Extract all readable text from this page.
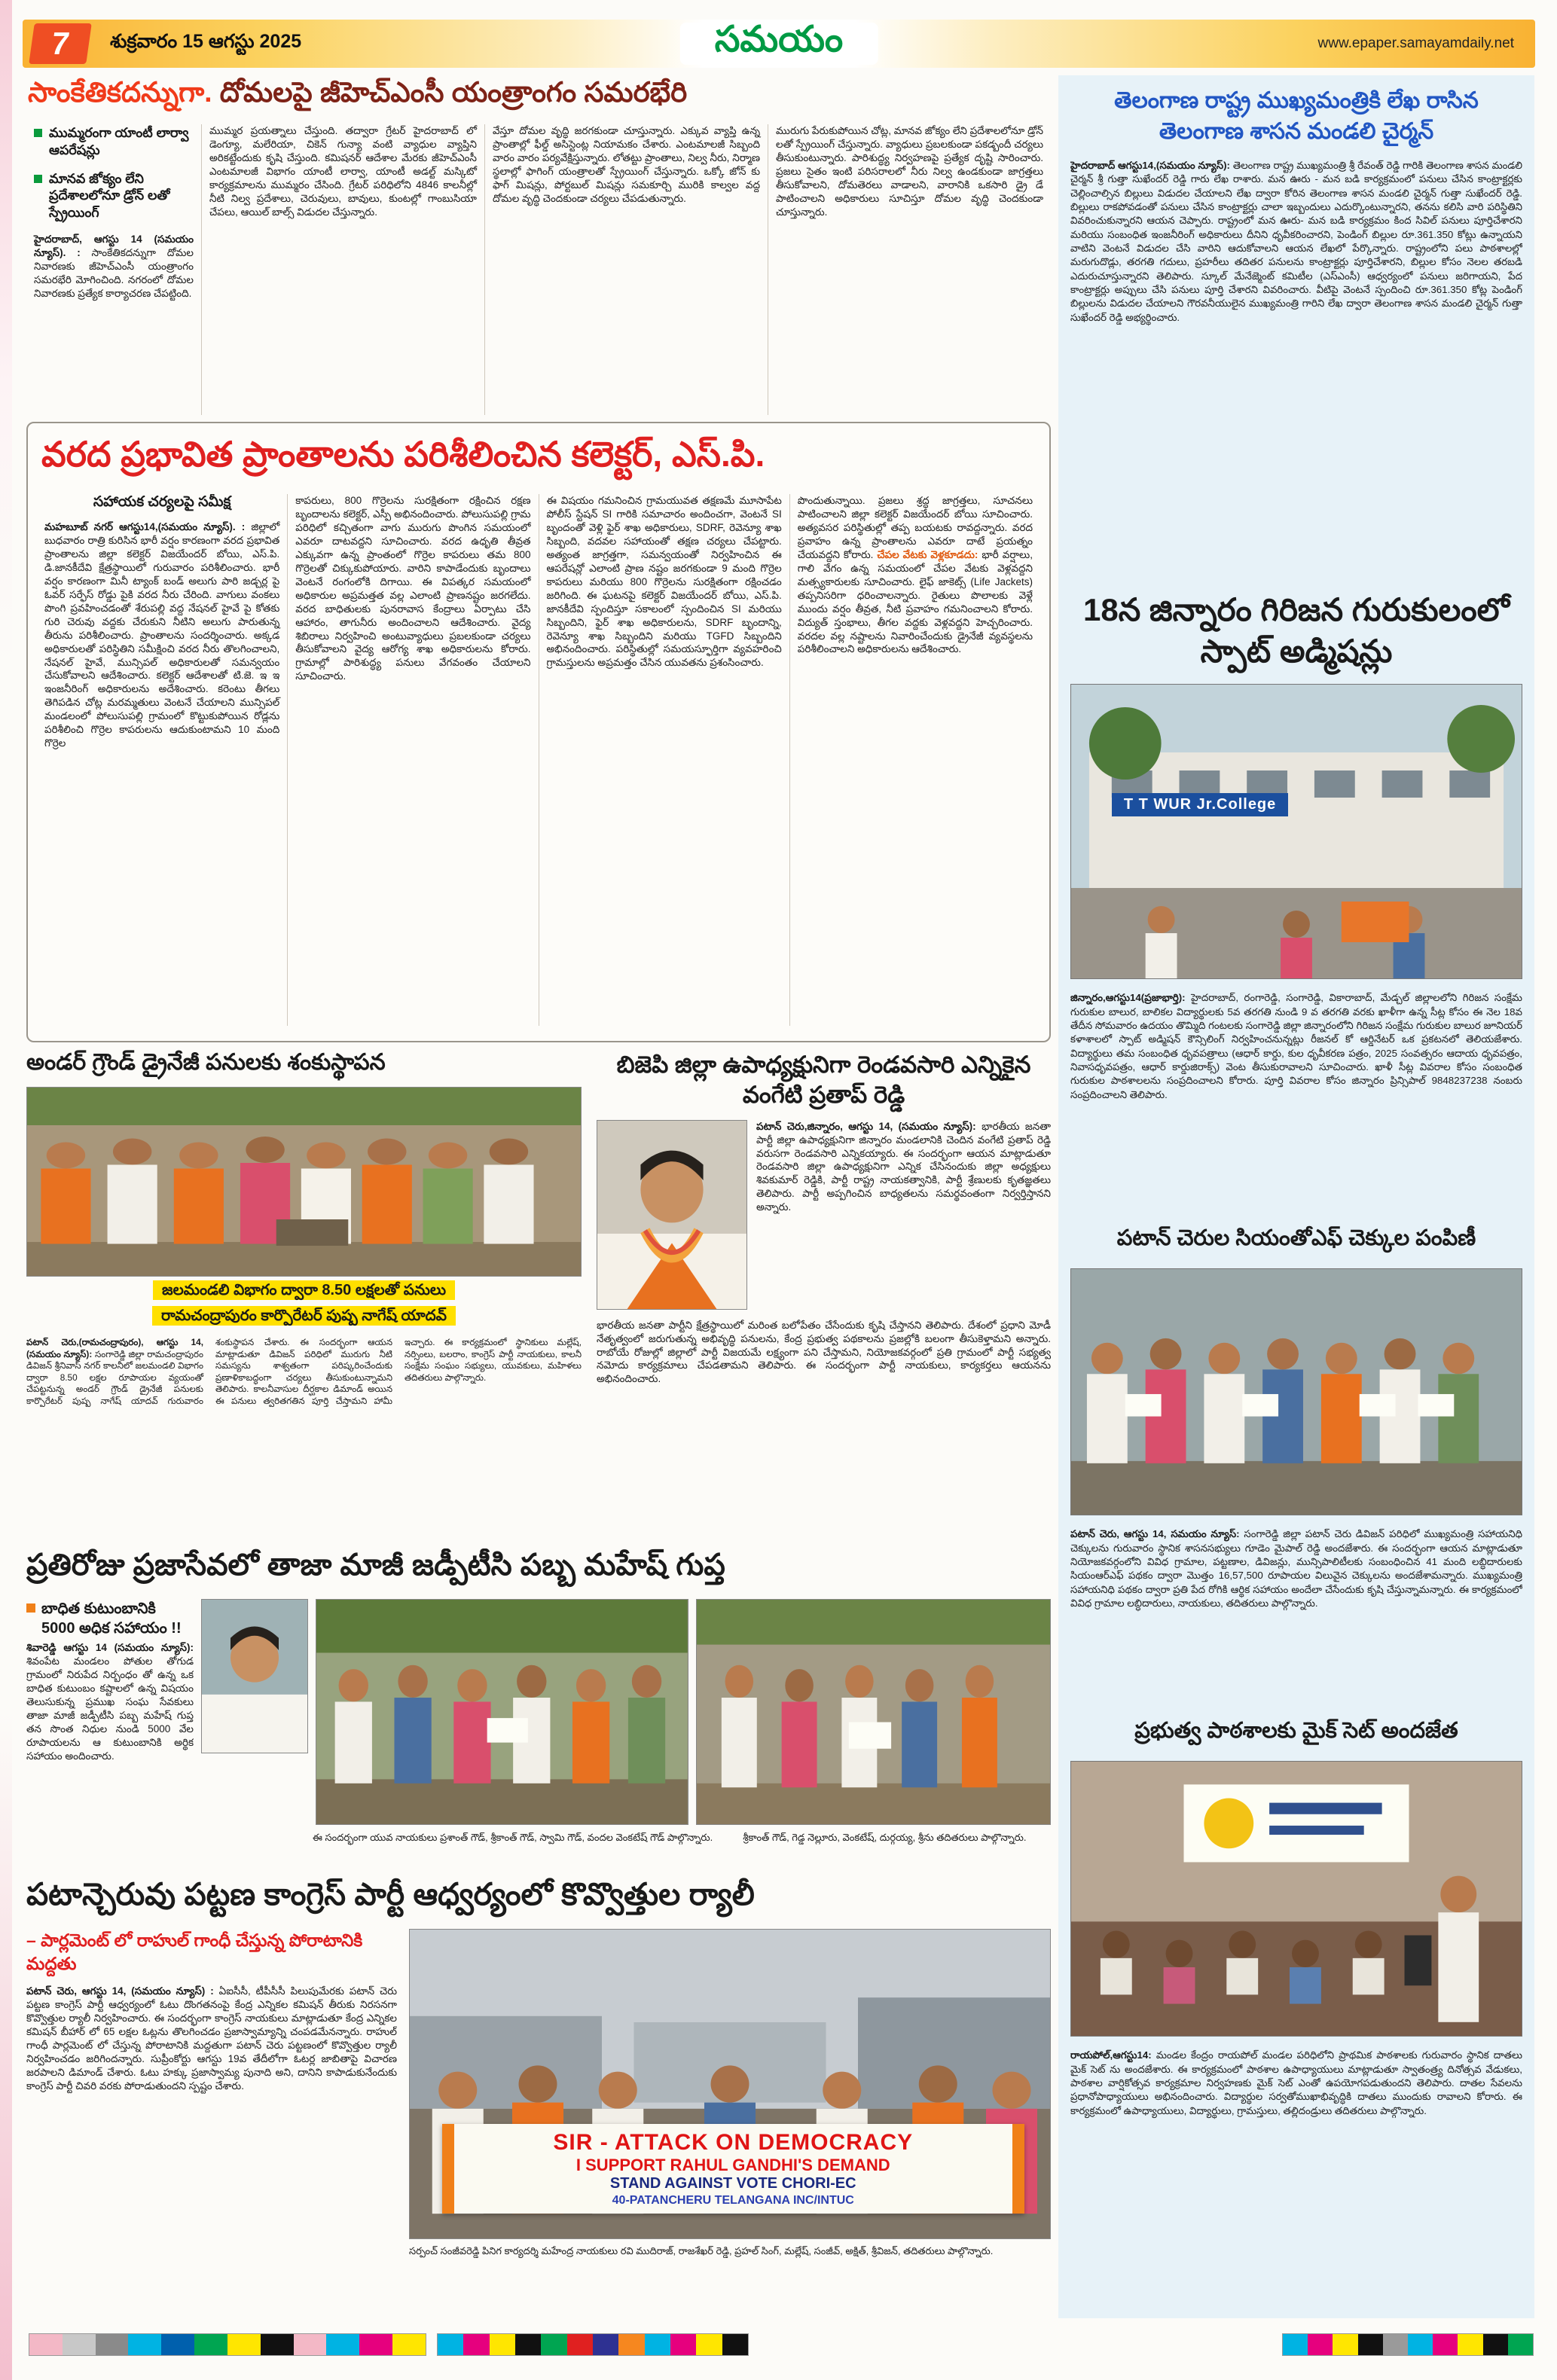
7	శుక్రవారం 15 ఆగస్టు 2025	సమయం	www.epaper.samayamdaily.net
సాంకేతికదన్నుగా. దోమలపై జీహెచ్ఎంసీ యంత్రాంగం సమరభేరి
ముమ్మరంగా యాంటీ లార్వా ఆపరేషన్లు
మానవ జోక్యం లేని ప్రదేశాలలోనూ డ్రోన్ లతో స్ప్రేయింగ్

హైదరాబాద్, ఆగస్టు 14 (సమయం న్యూస్). : సాంకేతికదన్నుగా దోమల నివారణకు జీహెచ్ఎంసీ యంత్రాంగం సమరభేరి మోగించింది. నగరంలో దోమల నివారణకు ప్రత్యేక కార్యాచరణ చేపట్టింది.

ముమ్మర ప్రయత్నాలు చేస్తుంది. తద్వారా గ్రేటర్ హైదరాబాద్ లో డెంగ్యూ, మలేరియా, చికెన్ గున్యా వంటి వ్యాధుల వ్యాప్తిని అరికట్టేందుకు కృషి చేస్తుంది. కమిషనర్ ఆదేశాల మేరకు జీహెచ్ఎంసీ ఎంటమాలజీ విభాగం యాంటీ లార్వా, యాంటీ అడల్ట్ మస్కిటో కార్యక్రమాలను ముమ్మరం చేసింది. గ్రేటర్ పరిధిలోని 4846 కాలనీల్లో నీటి నిల్వ ప్రదేశాలు, చెరువులు, బావులు, కుంటల్లో గాంబుసియా చేపలు, ఆయిల్ బాల్స్ విడుదల చేస్తున్నారు.

వేస్తూ దోమల వృద్ధి జరగకుండా చూస్తున్నారు. ఎక్కువ వ్యాప్తి ఉన్న ప్రాంతాల్లో ఫీల్డ్ అసిస్టెంట్ల నియామకం చేశారు. ఎంటమాలజీ సిబ్బంది వారం వారం పర్యవేక్షిస్తున్నారు. లోతట్టు ప్రాంతాలు, నిల్వ నీరు, నిర్మాణ స్థలాల్లో ఫాగింగ్ యంత్రాలతో స్ప్రేయింగ్ చేస్తున్నారు. ఒక్కో జోన్ కు ఫాగ్ మిషన్లు, పోర్టబుల్ మిషన్లు సమకూర్చి మురికి కాల్వల వద్ద దోమల వృద్ధి చెందకుండా చర్యలు చేపడుతున్నారు.

మురుగు పేరుకుపోయిన చోట్ల, మానవ జోక్యం లేని ప్రదేశాలలోనూ డ్రోన్ లతో స్ప్రేయింగ్ చేస్తున్నారు. వ్యాధులు ప్రబలకుండా పకడ్బందీ చర్యలు తీసుకుంటున్నారు. పారిశుద్ధ్య నిర్వహణపై ప్రత్యేక దృష్టి సారించారు. ప్రజలు సైతం ఇంటి పరిసరాలలో నీరు నిల్వ ఉండకుండా జాగ్రత్తలు తీసుకోవాలని, దోమతెరలు వాడాలని, వారానికి ఒకసారి డ్రై డే పాటించాలని అధికారులు సూచిస్తూ దోమల వృద్ధి చెందకుండా చూస్తున్నారు.

వరద ప్రభావిత ప్రాంతాలను పరిశీలించిన కలెక్టర్, ఎస్.పి.
సహాయక చర్యలపై సమీక్ష

మహబూబ్ నగర్ ఆగస్టు14,(సమయం న్యూస్). : జిల్లాలో బుధవారం రాత్రి కురిసిన భారీ వర్షం కారణంగా వరద ప్రభావిత ప్రాంతాలను జిల్లా కలెక్టర్ విజయేందర్ బోయి, ఎస్.పి. డి.జానకీదేవి క్షేత్రస్థాయిలో గురువారం పరిశీలించారు. భారీ వర్షం కారణంగా మినీ ట్యాంక్ బండ్ అలుగు పారి జడ్చర్ల పై ఓవర్ సర్ఫేస్ రోడ్డు పైకి వరద నీరు చేరింది. వాగులు వంకలు పొంగి ప్రవహించడంతో శేరుపల్లి వద్ద నేషనల్ హైవే పై కోతకు గురి చెరువు వద్దకు చేరుకుని నీటిని అలుగు పారుతున్న తీరును పరిశీలించారు. ప్రాంతాలను సందర్శించారు. అక్కడ అధికారులతో పరిస్థితిని సమీక్షించి వరద నీరు తొలగించాలని, నేషనల్ హైవే, మున్సిపల్ అధికారులతో సమన్వయం చేసుకోవాలని ఆదేశించారు. కలెక్టర్ ఆదేశాలతో టి.జె. ఇ ఇ ఇంజనీరింగ్ అధికారులను అదేశించారు. కరెంటు తీగలు తెగిపడిన చోట్ల మరమ్మతులు వెంటనే చేయాలని మున్సిపల్ మండలంలో పోలుసుపల్లి గ్రామంలో కొట్టుకుపోయిన రోడ్లను పరిశీలించి గొర్రెల కాపరులను ఆదుకుంటామని 10 మంది గొర్రెల

కాపరులు, 800 గొర్రెలను సురక్షితంగా రక్షించిన రక్షణ బృందాలను కలెక్టర్, ఎస్పీ అభినందించారు. పోలుసుపల్లి గ్రామ పరిధిలో కచ్చితంగా వాగు మురుగు పొంగిన సమయంలో ఎవరూ దాటవద్దని సూచించారు. వరద ఉధృతి తీవ్రత ఎక్కువగా ఉన్న ప్రాంతంలో గొర్రెల కాపరులు తమ 800 గొర్రెలతో చిక్కుకుపోయారు. వారిని కాపాడేందుకు బృందాలు వెంటనే రంగంలోకి దిగాయి. ఈ విపత్కర సమయంలో అధికారుల అప్రమత్తత వల్ల ఎలాంటి ప్రాణనష్టం జరగలేదు. వరద బాధితులకు పునరావాస కేంద్రాలు ఏర్పాటు చేసి ఆహారం, తాగునీరు అందించాలని ఆదేశించారు. వైద్య శిబిరాలు నిర్వహించి అంటువ్యాధులు ప్రబలకుండా చర్యలు తీసుకోవాలని వైద్య ఆరోగ్య శాఖ అధికారులను కోరారు. గ్రామాల్లో పారిశుద్ధ్య పనులు వేగవంతం చేయాలని సూచించారు.

ఈ విషయం గమనించిన గ్రామయువత తక్షణమే మూసాపేట పోలీస్ స్టేషన్ SI గారికి సమాచారం అందించగా, వెంటనే SI బృందంతో వెళ్లి ఫైర్ శాఖ అధికారులు, SDRF, రెవెన్యూ శాఖ సిబ్బంది, వదవల సహాయంతో తక్షణ చర్యలు చేపట్టారు. అత్యంత జాగ్రత్తగా, సమన్వయంతో నిర్వహించిన ఈ ఆపరేషన్లో ఎలాంటి ప్రాణ నష్టం జరగకుండా 9 మంది గొర్రెల కాపరులు మరియు 800 గొర్రెలను సురక్షితంగా రక్షించడం జరిగింది. ఈ ఘటనపై కలెక్టర్ విజయేందర్ బోయి, ఎస్.పి. జానకీదేవి స్పందిస్తూ సకాలంలో స్పందించిన SI మరియు సిబ్బందిని, ఫైర్ శాఖ అధికారులను, SDRF బృందాన్ని, రెవెన్యూ శాఖ సిబ్బందిని మరియు TGFD సిబ్బందిని అభినందించారు. పరిస్థితుల్లో సమయస్ఫూర్తిగా వ్యవహరించి గ్రామస్తులను అప్రమత్తం చేసిన యువతను ప్రశంసించారు.

పొందుతున్నాయి. ప్రజలు శ్రద్ధ జాగ్రత్తలు, సూచనలు పాటించాలని జిల్లా కలెక్టర్ విజయేందర్ బోయి సూచించారు. అత్యవసర పరిస్థితుల్లో తప్ప బయటకు రావద్దన్నారు. వరద ప్రవాహం ఉన్న ప్రాంతాలను ఎవరూ దాటే ప్రయత్నం చేయవద్దని కోరారు. చేపల వేటకు వెళ్లకూడదు: భారీ వర్షాలు, గాలి వేగం ఉన్న సమయంలో చేపల వేటకు వెళ్లవద్దని మత్స్యకారులకు సూచించారు. లైఫ్ జాకెట్స్ (Life Jackets) తప్పనిసరిగా ధరించాలన్నారు. రైతులు పొలాలకు వెళ్లే ముందు వర్షం తీవ్రత, నీటి ప్రవాహం గమనించాలని కోరారు. విద్యుత్ స్తంభాలు, తీగల వద్దకు వెళ్లవద్దని హెచ్చరించారు. వరదల వల్ల నష్టాలను నివారించేందుకు డ్రైనేజీ వ్యవస్థలను పరిశీలించాలని అధికారులను ఆదేశించారు.

అండర్ గ్రౌండ్ డ్రైనేజీ పనులకు శంకుస్థాపన
జలమండలి విభాగం ద్వారా 8.50 లక్షలతో పనులు
రామచంద్రాపురం కార్పొరేటర్ పుష్ప నాగేష్ యాదవ్
పటాన్ చెరు,(రామచంద్రాపురం), ఆగస్టు 14,(సమయం న్యూస్): సంగారెడ్డి జిల్లా రామచంద్రాపురం డివిజన్ శ్రీనివాస్ నగర్ కాలనీలో జలమండలి విభాగం ద్వారా 8.50 లక్షల రూపాయల వ్యయంతో చేపట్టనున్న అండర్ గ్రౌండ్ డ్రైనేజీ పనులకు కార్పొరేటర్ పుష్ప నాగేష్ యాదవ్ గురువారం శంకుస్థాపన చేశారు. ఈ సందర్భంగా ఆయన మాట్లాడుతూ డివిజన్ పరిధిలో మురుగు నీటి సమస్యను శాశ్వతంగా పరిష్కరించేందుకు ప్రణాళికాబద్ధంగా చర్యలు తీసుకుంటున్నామని తెలిపారు. కాలనీవాసుల దీర్ఘకాల డిమాండ్ అయిన ఈ పనులు త్వరితగతిన పూర్తి చేస్తామని హామీ ఇచ్చారు. ఈ కార్యక్రమంలో స్థానికులు మల్లేష్, నర్సింలు, బలరాం, కాంగ్రెస్ పార్టీ నాయకులు, కాలనీ సంక్షేమ సంఘం సభ్యులు, యువకులు, మహిళలు తదితరులు పాల్గొన్నారు.
బిజెపి జిల్లా ఉపాధ్యక్షునిగా రెండవసారి ఎన్నికైన వంగేటి ప్రతాప్ రెడ్డి

పటాన్ చెరు,జిన్నారం, ఆగస్టు 14, (సమయం న్యూస్): భారతీయ జనతా పార్టీ జిల్లా ఉపాధ్యక్షునిగా జిన్నారం మండలానికి చెందిన వంగేటి ప్రతాప్ రెడ్డి వరుసగా రెండవసారి ఎన్నికయ్యారు. ఈ సందర్భంగా ఆయన మాట్లాడుతూ రెండవసారి జిల్లా ఉపాధ్యక్షునిగా ఎన్నిక చేసినందుకు జిల్లా అధ్యక్షులు శివకుమార్ రెడ్డికి, పార్టీ రాష్ట్ర నాయకత్వానికి, పార్టీ శ్రేణులకు కృతజ్ఞతలు తెలిపారు. పార్టీ అప్పగించిన బాధ్యతలను సమర్థవంతంగా నిర్వర్తిస్తానని అన్నారు.

భారతీయ జనతా పార్టీని క్షేత్రస్థాయిలో మరింత బలోపేతం చేసేందుకు కృషి చేస్తానని తెలిపారు. దేశంలో ప్రధాని మోడీ నేతృత్వంలో జరుగుతున్న అభివృద్ధి పనులను, కేంద్ర ప్రభుత్వ పథకాలను ప్రజల్లోకి బలంగా తీసుకెళ్తామని అన్నారు. రాబోయే రోజుల్లో జిల్లాలో పార్టీ విజయమే లక్ష్యంగా పని చేస్తామని, నియోజకవర్గంలో ప్రతి గ్రామంలో పార్టీ సభ్యత్వ నమోదు కార్యక్రమాలు చేపడతామని తెలిపారు. ఈ సందర్భంగా పార్టీ నాయకులు, కార్యకర్తలు ఆయనను అభినందించారు.

ప్రతిరోజు ప్రజాసేవలో తాజా మాజీ జడ్పీటీసి పబ్బ మహేష్ గుప్త
బాధిత కుటుంబానికి
5000 అధిక సహాయం !!

శివారెడ్డి ఆగస్టు 14 (సమయం న్యూస్): శివంపేట మండలం పోతుల తోగుడ గ్రామంలో నిరుపేద నిర్బంధం తో ఉన్న ఒక బాధిత కుటుంబం కష్టాలలో ఉన్న విషయం తెలుసుకున్న ప్రముఖ సంఘ సేవకులు తాజా మాజీ జడ్పీటీసి పబ్బ మహేష్ గుప్త తన సొంత నిధుల నుండి 5000 వేల రూపాయలను ఆ కుటుంబానికి అర్థిక సహాయం అందించారు.

ఈ సందర్భంగా యువ నాయకులు ప్రశాంత్ గౌడ్, శ్రీకాంత్ గౌడ్, స్వామి గౌడ్, వందల వెంకటేష్ గౌడ్ పాల్గొన్నారు.	శ్రీకాంత్ గౌడ్, గెడ్డ నెల్లూరు, వెంకటేష్, దుర్గయ్య, శ్రీను తదితరులు పాల్గొన్నారు.
పటాన్చెరువు పట్టణ కాంగ్రెస్ పార్టీ ఆధ్వర్యంలో కొవ్వొత్తుల ర్యాలీ
– పార్లమెంట్ లో రాహుల్ గాంధీ చేస్తున్న పోరాటానికి మద్దతు

పటాన్ చెరు, ఆగస్టు 14, (సమయం న్యూస్) : ఏఐసీసీ, టీపీసీసీ పిలుపుమేరకు పటాన్ చెరు పట్టణ కాంగ్రెస్ పార్టీ ఆధ్వర్యంలో ఓటు దొంగతనంపై కేంద్ర ఎన్నికల కమిషన్ తీరుకు నిరసనగా కొవ్వొత్తుల ర్యాలీ నిర్వహించారు. ఈ సందర్భంగా కాంగ్రెస్ నాయకులు మాట్లాడుతూ కేంద్ర ఎన్నికల కమిషన్ బీహార్ లో 65 లక్షల ఓట్లను తొలగించడం ప్రజాస్వామ్యాన్ని చంపడమేనన్నారు. రాహుల్ గాంధీ పార్లమెంట్ లో చేస్తున్న పోరాటానికి మద్దతుగా పటాన్ చెరు పట్టణంలో కొవ్వొత్తుల ర్యాలీ నిర్వహించడం జరిగిందన్నారు. సుప్రీంకోర్టు ఆగస్టు 19వ తేదీలోగా ఓటర్ల జాబితాపై విచారణ జరపాలని డిమాండ్ చేశారు. ఓటు హక్కు ప్రజాస్వామ్య పునాది అని, దానిని కాపాడుకునేందుకు కాంగ్రెస్ పార్టీ చివరి వరకు పోరాడుతుందని స్పష్టం చేశారు.

SIR - ATTACK ON DEMOCRACY
I SUPPORT RAHUL GANDHI'S DEMAND
STAND AGAINST VOTE CHORI-EC
40-PATANCHERU TELANGANA INC/INTUC

సర్పంచ్ సంజీవరెడ్డి పినిగ కార్యదర్శి మహేంద్ర నాయకులు రవి ముదిరాజ్, రాజశేఖర్ రెడ్డి, ప్రహల్ సింగ్, మల్లేష్, సంజీవ్, అక్షిత్, శ్రీవిజన్, తదితరులు పాల్గొన్నారు.

తెలంగాణ రాష్ట్ర ముఖ్యమంత్రికి లేఖ రాసిన తెలంగాణ శాసన మండలి చైర్మన్

హైదరాబాద్ ఆగస్టు14,(సమయం న్యూస్): తెలంగాణ రాష్ట్ర ముఖ్యమంత్రి శ్రీ రేవంత్ రెడ్డి గారికి తెలంగాణ శాసన మండలి చైర్మన్ శ్రీ గుత్తా సుఖేందర్ రెడ్డి గారు లేఖ రాశారు. మన ఊరు - మన బడి కార్యక్రమంలో పనులు చేసిన కాంట్రాక్టర్లకు చెల్లించాల్సిన బిల్లులు విడుదల చేయాలని లేఖ ద్వారా కోరిన తెలంగాణ శాసన మండలి చైర్మన్ గుత్తా సుఖేందర్ రెడ్డి. బిల్లులు రాకపోవడంతో పనులు చేసిన కాంట్రాక్టర్లు చాలా ఇబ్బందులు ఎదుర్కొంటున్నారని, తనను కలిసి వారి పరిస్థితిని వివరించుకున్నారని ఆయన చెప్పారు. రాష్ట్రంలో మన ఊరు- మన బడి కార్యక్రమం కింద సివిల్ పనులు పూర్తిచేశారని మరియు సంబంధిత ఇంజనీరింగ్ అధికారులు దీనిని ధృవీకరించారని, పెండింగ్ బిల్లుల రూ.361.350 కోట్లు ఉన్నాయని వాటిని వెంటనే విడుదల చేసి వారిని ఆదుకోవాలని ఆయన లేఖలో పేర్కొన్నారు. రాష్ట్రంలోని పలు పాఠశాలల్లో మరుగుదొడ్లు, తరగతి గదులు, ప్రహరీలు తదితర పనులను కాంట్రాక్టర్లు పూర్తిచేశారని, బిల్లుల కోసం నెలల తరబడి ఎదురుచూస్తున్నారని తెలిపారు. స్కూల్ మేనేజ్మెంట్ కమిటీల (ఎస్ఎంసీ) ఆధ్వర్యంలో పనులు జరిగాయని, పేద కాంట్రాక్టర్లు అప్పులు చేసి పనులు పూర్తి చేశారని వివరించారు. వీటిపై వెంటనే స్పందించి రూ.361.350 కోట్ల పెండింగ్ బిల్లులను విడుదల చేయాలని గౌరవనీయులైన ముఖ్యమంత్రి గారిని లేఖ ద్వారా తెలంగాణ శాసన మండలి చైర్మన్ గుత్తా సుఖేందర్ రెడ్డి అభ్యర్థించారు.

18న జిన్నారం గిరిజన గురుకులంలో స్పాట్ అడ్మిషన్లు
T T WUR Jr.College

జిన్నారం,ఆగస్టు14(ప్రజాభార్తి): హైదరాబాద్, రంగారెడ్డి, సంగారెడ్డి, వికారాబాద్, మేడ్చల్ జిల్లాలలోని గిరిజన సంక్షేమ గురుకుల బాలుర, బాలికల విద్యార్థులకు 5వ తరగతి నుండి 9 వ తరగతి వరకు ఖాళీగా ఉన్న సీట్ల కోసం ఈ నెల 18వ తేదీన సోమవారం ఉదయం తొమ్మిది గంటలకు సంగారెడ్డి జిల్లా జిన్నారంలోని గిరిజన సంక్షేమ గురుకుల బాలుర జూనియర్ కళాశాలలో స్పాట్ అడ్మిషన్ కౌన్సిలింగ్ నిర్వహించనున్నట్లు రీజనల్ కో ఆర్డినేటర్ ఒక ప్రకటనలో తెలియజేశారు. విద్యార్థులు తమ సంబంధిత ధృవపత్రాలు (ఆధార్ కార్డు, కుల ధృవీకరణ పత్రం, 2025 సంవత్సరం ఆదాయ ధృవపత్రం, నివాసధృవపత్రం, ఆధార్ కార్డుజిరాక్స్) వెంట తీసుకురావాలని సూచించారు. ఖాళీ సీట్ల వివరాల కోసం సంబంధిత గురుకుల పాఠశాలలను సంప్రదించాలని కోరారు. పూర్తి వివరాల కోసం జిన్నారం ప్రిన్సిపాల్ 9848237238 నంబరు సంప్రదించాలని తెలిపారు.

పటాన్ చెరుల సియంతోఎఫ్ చెక్కుల పంపిణీ

పటాన్ చెరు, ఆగస్టు 14, సమయం న్యూస్: సంగారెడ్డి జిల్లా పటాన్ చెరు డివిజన్ పరిధిలో ముఖ్యమంత్రి సహాయనిధి చెక్కులను గురువారం స్థానిక శాసనసభ్యులు గూడెం మైపాల్ రెడ్డి అందజేశారు. ఈ సందర్భంగా ఆయన మాట్లాడుతూ నియోజకవర్గంలోని వివిధ గ్రామాల, పట్టణాల, డివిజన్లు, మున్సిపాలిటీలకు సంబంధించిన 41 మంది లబ్ధిదారులకు సియంఆర్ఎఫ్ పథకం ద్వారా మొత్తం 16,57,500 రూపాయల విలువైన చెక్కులను అందజేశామన్నారు. ముఖ్యమంత్రి సహాయనిధి పథకం ద్వారా ప్రతి పేద రోగికి ఆర్థిక సహాయం అందేలా చేసేందుకు కృషి చేస్తున్నామన్నారు. ఈ కార్యక్రమంలో వివిధ గ్రామాల లబ్ధిదారులు, నాయకులు, తదితరులు పాల్గొన్నారు.

ప్రభుత్వ పాఠశాలకు మైక్ సెట్ అందజేత

రాయపోల్,ఆగస్టు14: మండల కేంద్రం రాయపోల్ మండల పరిధిలోని ప్రాథమిక పాఠశాలకు గురువారం స్థానిక దాతలు మైక్ సెట్ ను అందజేశారు. ఈ కార్యక్రమంలో పాఠశాల ఉపాధ్యాయులు మాట్లాడుతూ స్వాతంత్ర్య దినోత్సవ వేడుకలు, పాఠశాల వార్షికోత్సవ కార్యక్రమాల నిర్వహణకు మైక్ సెట్ ఎంతో ఉపయోగపడుతుందని తెలిపారు. దాతల సేవలను ప్రధానోపాధ్యాయులు అభినందించారు. విద్యార్థుల సర్వతోముఖాభివృద్ధికి దాతలు ముందుకు రావాలని కోరారు. ఈ కార్యక్రమంలో ఉపాధ్యాయులు, విద్యార్థులు, గ్రామస్తులు, తల్లిదండ్రులు తదితరులు పాల్గొన్నారు.
